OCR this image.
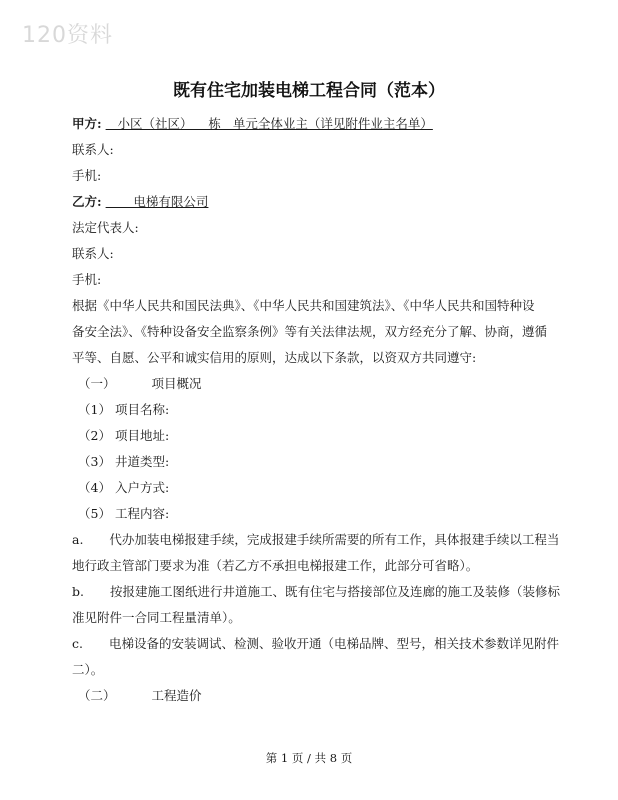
120资料
既有住宅加装电梯工程合同（范本）
甲方:    小区（社区）    栋   单元全体业主（详见附件业主名单）
联系人:
手机:
乙方:        电梯有限公司
法定代表人:
联系人:
手机:
根据《中华人民共和国民法典》、《中华人民共和国建筑法》、《中华人民共和国特种设
备安全法》、《特种设备安全监察条例》等有关法律法规，双方经充分了解、协商，遵循
平等、自愿、公平和诚实信用的原则，达成以下条款，以资双方共同遵守:
（一）	项目概况
（1） 项目名称:
（2） 项目地址:
（3） 井道类型:
（4） 入户方式:
（5） 工程内容:
a. 代办加装电梯报建手续，完成报建手续所需要的所有工作，具体报建手续以工程当
地行政主管部门要求为准（若乙方不承担电梯报建工作，此部分可省略）。
b. 按报建施工图纸进行井道施工、既有住宅与搭接部位及连廊的施工及装修（装修标
准见附件一合同工程量清单）。
c. 电梯设备的安装调试、检测、验收开通（电梯品牌、型号，相关技术参数详见附件
二）。
（二）	工程造价
第 1 页 / 共 8 页
